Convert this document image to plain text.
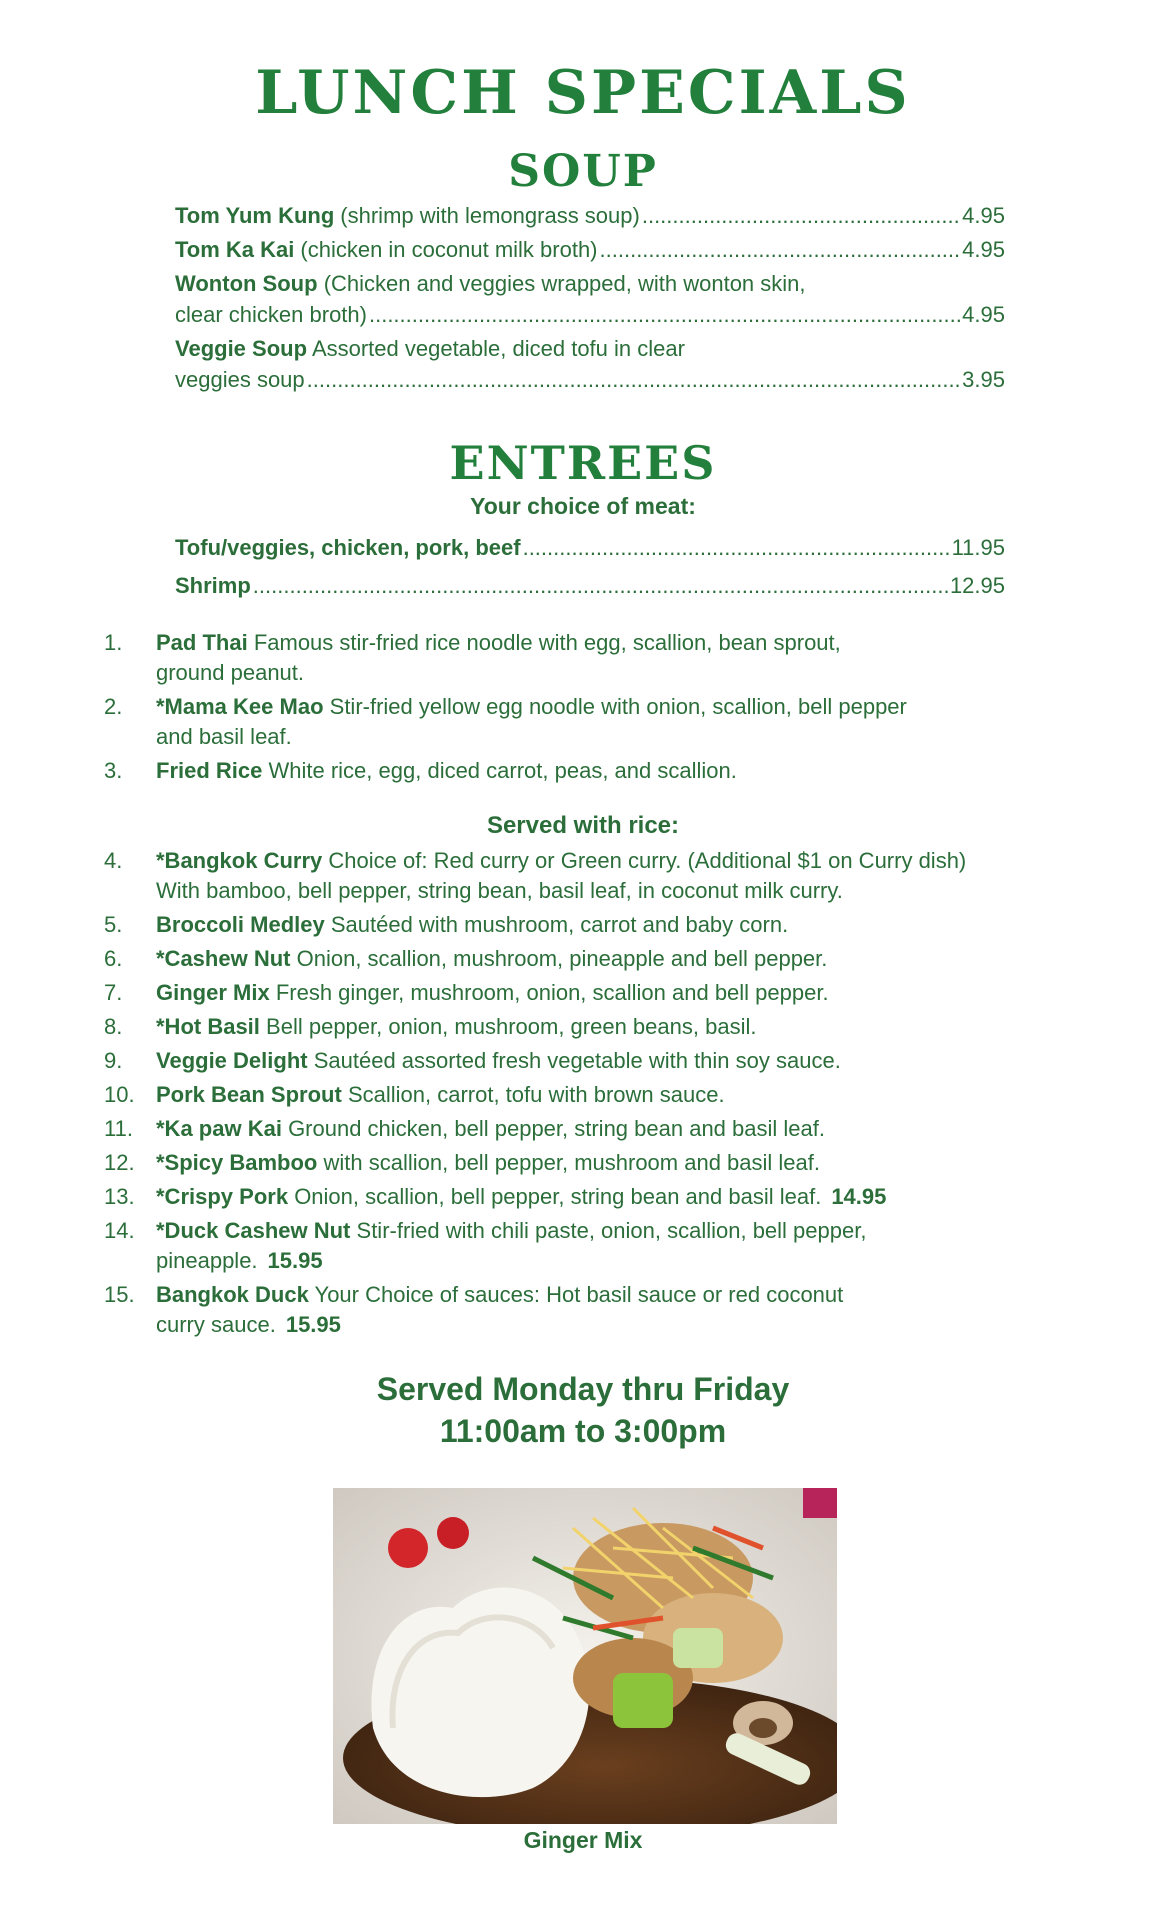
LUNCH SPECIALS
SOUP
Tom Yum Kung (shrimp with lemongrass soup) .....	4.95
Tom Ka Kai (chicken in coconut milk broth) .....	4.95
Wonton Soup (Chicken and veggies wrapped, with wonton skin,
clear chicken broth) .....	4.95
Veggie Soup Assorted vegetable, diced tofu in clear
veggies soup .....	3.95
ENTREES
Your choice of meat:
Tofu/veggies, chicken, pork, beef .....	11.95
Shrimp .....	12.95
1.	Pad Thai Famous stir-fried rice noodle with egg, scallion, bean sprout,
ground peanut.
2.	*Mama Kee Mao Stir-fried yellow egg noodle with onion, scallion, bell pepper
and basil leaf.
3.	Fried Rice White rice, egg, diced carrot, peas, and scallion.
Served with rice:
4.	*Bangkok Curry Choice of: Red curry or Green curry. (Additional $1 on Curry dish)
With bamboo, bell pepper, string bean, basil leaf, in coconut milk curry.
5.	Broccoli Medley Sautéed with mushroom, carrot and baby corn.
6.	*Cashew Nut Onion, scallion, mushroom, pineapple and bell pepper.
7.	Ginger Mix Fresh ginger, mushroom, onion, scallion and bell pepper.
8.	*Hot Basil Bell pepper, onion, mushroom, green beans, basil.
9.	Veggie Delight Sautéed assorted fresh vegetable with thin soy sauce.
10. Pork Bean Sprout Scallion, carrot, tofu with brown sauce.
11.	*Ka paw Kai Ground chicken, bell pepper, string bean and basil leaf.
12. *Spicy Bamboo with scallion, bell pepper, mushroom and basil leaf.
13. *Crispy Pork Onion, scallion, bell pepper, string bean and basil leaf. 14.95
14. *Duck Cashew Nut Stir-fried with chili paste, onion, scallion, bell pepper,
pineapple. 15.95
15. Bangkok Duck Your Choice of sauces: Hot basil sauce or red coconut
curry sauce. 15.95
Served Monday thru Friday
11:00am to 3:00pm
Ginger Mix
